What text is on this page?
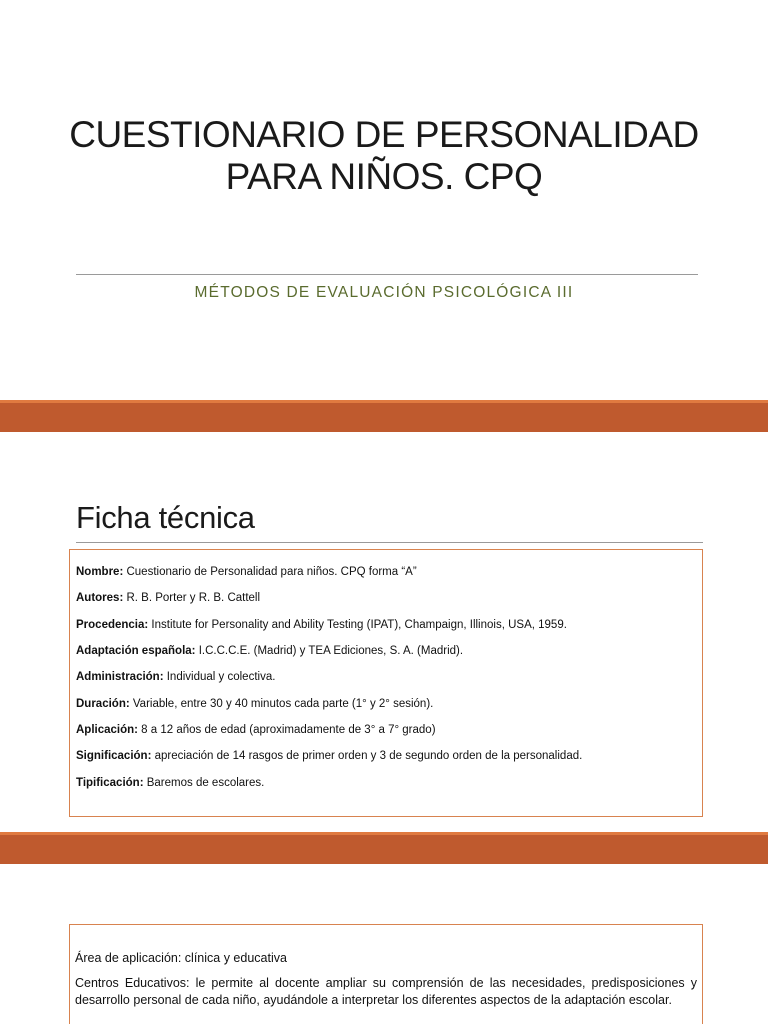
CUESTIONARIO DE PERSONALIDAD
PARA NIÑOS. CPQ
MÉTODOS DE EVALUACIÓN PSICOLÓGICA III
Ficha técnica
Nombre: Cuestionario de Personalidad para niños. CPQ forma “A”
Autores: R. B. Porter y R. B. Cattell
Procedencia: Institute for Personality and Ability Testing (IPAT), Champaign, Illinois, USA, 1959.
Adaptación española: I.C.C.C.E. (Madrid) y TEA Ediciones, S. A. (Madrid).
Administración: Individual y colectiva.
Duración: Variable, entre 30 y 40 minutos cada parte (1° y 2° sesión).
Aplicación: 8 a 12 años de edad (aproximadamente de 3° a 7° grado)
Significación: apreciación de 14 rasgos de primer orden y 3 de segundo orden de la personalidad.
Tipificación: Baremos de escolares.
Área de aplicación: clínica y educativa
Centros Educativos: le permite al docente ampliar su comprensión de las necesidades, predisposiciones y desarrollo personal de cada niño, ayudándole a interpretar los diferentes aspectos de la adaptación escolar.
